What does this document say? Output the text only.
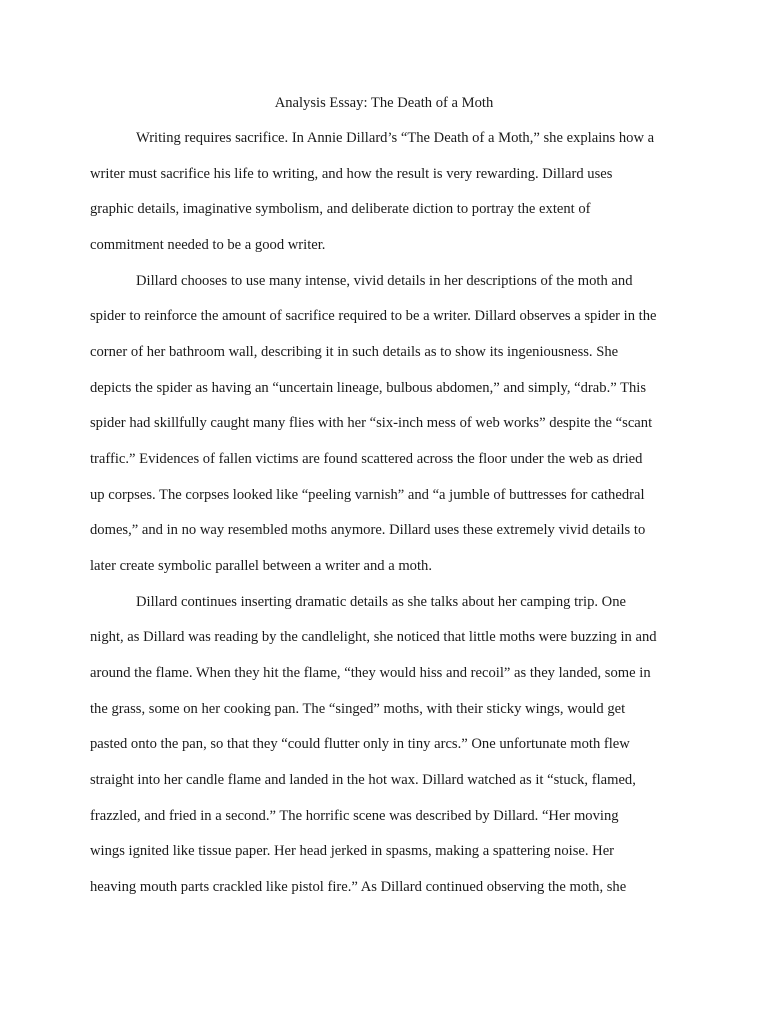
Analysis Essay: The Death of a Moth
Writing requires sacrifice. In Annie Dillard’s “The Death of a Moth,” she explains how a
writer must sacrifice his life to writing, and how the result is very rewarding. Dillard uses
graphic details, imaginative symbolism, and deliberate diction to portray the extent of
commitment needed to be a good writer.
Dillard chooses to use many intense, vivid details in her descriptions of the moth and
spider to reinforce the amount of sacrifice required to be a writer. Dillard observes a spider in the
corner of her bathroom wall, describing it in such details as to show its ingeniousness. She
depicts the spider as having an “uncertain lineage, bulbous abdomen,” and simply, “drab.” This
spider had skillfully caught many flies with her “six-inch mess of web works” despite the “scant
traffic.” Evidences of fallen victims are found scattered across the floor under the web as dried
up corpses. The corpses looked like “peeling varnish” and “a jumble of buttresses for cathedral
domes,” and in no way resembled moths anymore. Dillard uses these extremely vivid details to
later create symbolic parallel between a writer and a moth.
Dillard continues inserting dramatic details as she talks about her camping trip. One
night, as Dillard was reading by the candlelight, she noticed that little moths were buzzing in and
around the flame. When they hit the flame, “they would hiss and recoil” as they landed, some in
the grass, some on her cooking pan. The “singed” moths, with their sticky wings, would get
pasted onto the pan, so that they “could flutter only in tiny arcs.” One unfortunate moth flew
straight into her candle flame and landed in the hot wax. Dillard watched as it “stuck, flamed,
frazzled, and fried in a second.” The horrific scene was described by Dillard. “Her moving
wings ignited like tissue paper. Her head jerked in spasms, making a spattering noise. Her
heaving mouth parts crackled like pistol fire.” As Dillard continued observing the moth, she
